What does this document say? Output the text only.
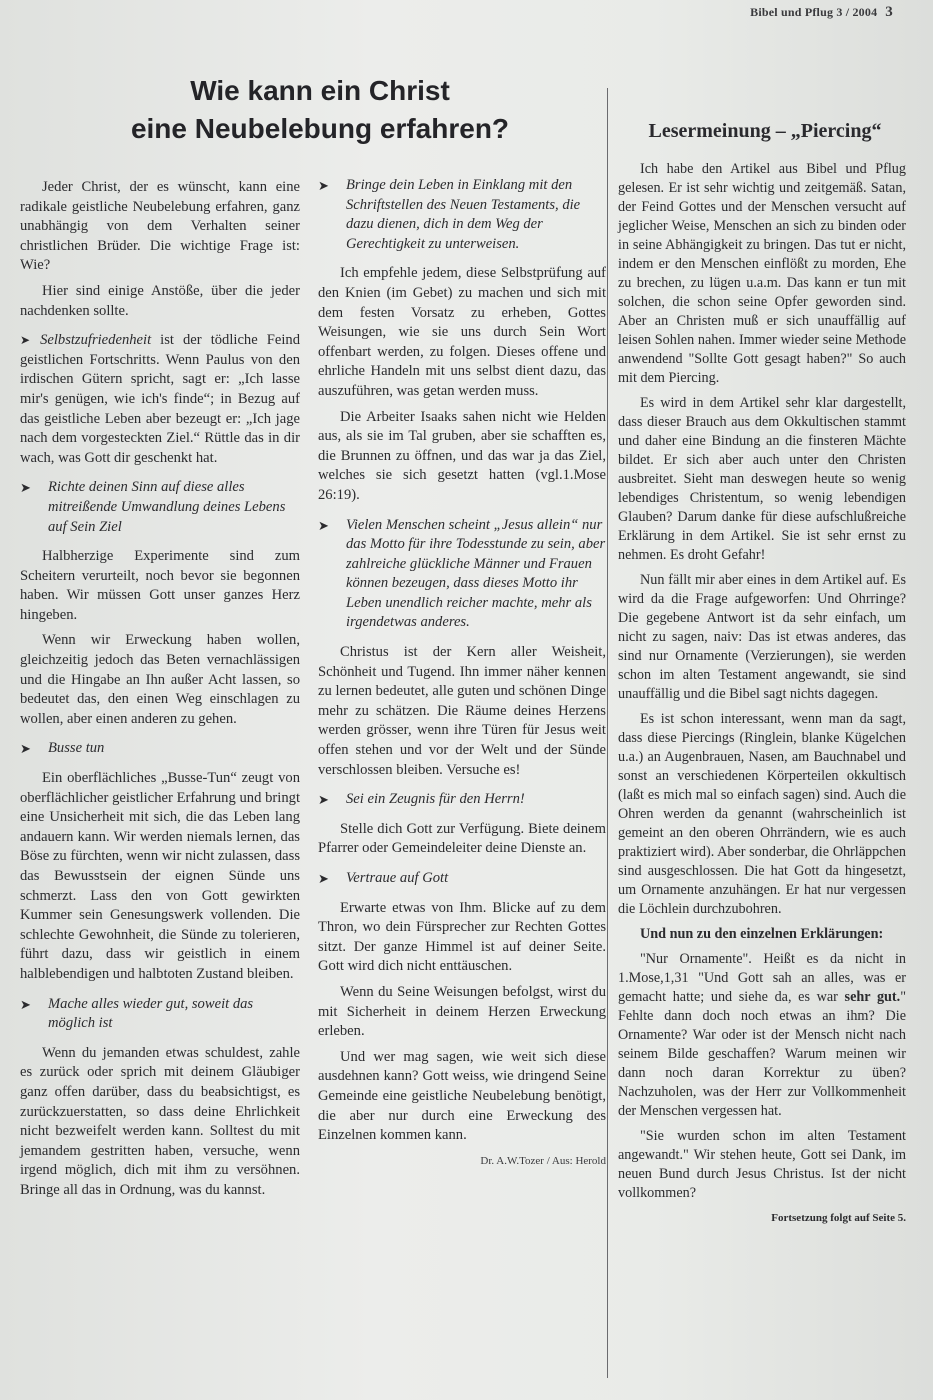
Bibel und Pflug 3 / 2004 3
Wie kann ein Christ
eine Neubelebung erfahren?

Jeder Christ, der es wünscht, kann eine radikale geistliche Neubelebung erfahren, ganz unabhängig von dem Verhalten seiner christlichen Brüder. Die wichtige Frage ist: Wie?

Hier sind einige Anstöße, über die jeder nachdenken sollte.

➤ Selbstzufriedenheit ist der tödliche Feind geistlichen Fortschritts. Wenn Paulus von den irdischen Gütern spricht, sagt er: „Ich lasse mir's genügen, wie ich's finde“; in Bezug auf das geistliche Leben aber bezeugt er: „Ich jage nach dem vorgesteckten Ziel.“ Rüttle das in dir wach, was Gott dir geschenkt hat.

➤ Richte deinen Sinn auf diese alles mitreißende Umwandlung deines Lebens auf Sein Ziel

Halbherzige Experimente sind zum Scheitern verurteilt, noch bevor sie begonnen haben. Wir müssen Gott unser ganzes Herz hingeben.

Wenn wir Erweckung haben wollen, gleichzeitig jedoch das Beten vernachlässigen und die Hingabe an Ihn außer Acht lassen, so bedeutet das, den einen Weg einschlagen zu wollen, aber einen anderen zu gehen.

➤ Busse tun

Ein oberflächliches „Busse-Tun“ zeugt von oberflächlicher geistlicher Erfahrung und bringt eine Unsicherheit mit sich, die das Leben lang andauern kann. Wir werden niemals lernen, das Böse zu fürchten, wenn wir nicht zulassen, dass das Bewusstsein der eignen Sünde uns schmerzt. Lass den von Gott gewirkten Kummer sein Genesungswerk vollenden. Die schlechte Gewohnheit, die Sünde zu tolerieren, führt dazu, dass wir geistlich in einem halblebendigen und halbtoten Zustand bleiben.

➤ Mache alles wieder gut, soweit das möglich ist

Wenn du jemanden etwas schuldest, zahle es zurück oder sprich mit deinem Gläubiger ganz offen darüber, dass du beabsichtigst, es zurückzuerstatten, so dass deine Ehrlichkeit nicht bezweifelt werden kann. Solltest du mit jemandem gestritten haben, versuche, wenn irgend möglich, dich mit ihm zu versöhnen. Bringe all das in Ordnung, was du kannst.

➤ Bringe dein Leben in Einklang mit den Schriftstellen des Neuen Testaments, die dazu dienen, dich in dem Weg der Gerechtigkeit zu unterweisen.

Ich empfehle jedem, diese Selbstprüfung auf den Knien (im Gebet) zu machen und sich mit dem festen Vorsatz zu erheben, Gottes Weisungen, wie sie uns durch Sein Wort offenbart werden, zu folgen. Dieses offene und ehrliche Handeln mit uns selbst dient dazu, das auszuführen, was getan werden muss.

Die Arbeiter Isaaks sahen nicht wie Helden aus, als sie im Tal gruben, aber sie schafften es, die Brunnen zu öffnen, und das war ja das Ziel, welches sie sich gesetzt hatten (vgl.1.Mose 26:19).

➤ Vielen Menschen scheint „Jesus allein“ nur das Motto für ihre Todesstunde zu sein, aber zahlreiche glückliche Männer und Frauen können bezeugen, dass dieses Motto ihr Leben unendlich reicher machte, mehr als irgendetwas anderes.

Christus ist der Kern aller Weisheit, Schönheit und Tugend. Ihn immer näher kennen zu lernen bedeutet, alle guten und schönen Dinge mehr zu schätzen. Die Räume deines Herzens werden grösser, wenn ihre Türen für Jesus weit offen stehen und vor der Welt und der Sünde verschlossen bleiben. Versuche es!

➤ Sei ein Zeugnis für den Herrn!

Stelle dich Gott zur Verfügung. Biete deinem Pfarrer oder Gemeindeleiter deine Dienste an.

➤ Vertraue auf Gott

Erwarte etwas von Ihm. Blicke auf zu dem Thron, wo dein Fürsprecher zur Rechten Gottes sitzt. Der ganze Himmel ist auf deiner Seite. Gott wird dich nicht enttäuschen.

Wenn du Seine Weisungen befolgst, wirst du mit Sicherheit in deinem Herzen Erweckung erleben.

Und wer mag sagen, wie weit sich diese ausdehnen kann? Gott weiss, wie dringend Seine Gemeinde eine geistliche Neubelebung benötigt, die aber nur durch eine Erweckung des Einzelnen kommen kann.

Dr. A.W.Tozer / Aus: Herold

Lesermeinung – „Piercing“

Ich habe den Artikel aus Bibel und Pflug gelesen. Er ist sehr wichtig und zeitgemäß. Satan, der Feind Gottes und der Menschen versucht auf jeglicher Weise, Menschen an sich zu binden oder in seine Abhängigkeit zu bringen. Das tut er nicht, indem er den Menschen einflößt zu morden, Ehe zu brechen, zu lügen u.a.m. Das kann er tun mit solchen, die schon seine Opfer geworden sind. Aber an Christen muß er sich unauffällig auf leisen Sohlen nahen. Immer wieder seine Methode anwendend "Sollte Gott gesagt haben?" So auch mit dem Piercing.

Es wird in dem Artikel sehr klar dargestellt, dass dieser Brauch aus dem Okkultischen stammt und daher eine Bindung an die finsteren Mächte bildet. Er sich aber auch unter den Christen ausbreitet. Sieht man deswegen heute so wenig lebendiges Christentum, so wenig lebendigen Glauben? Darum danke für diese aufschlußreiche Erklärung in dem Artikel. Sie ist sehr ernst zu nehmen. Es droht Gefahr!

Nun fällt mir aber eines in dem Artikel auf. Es wird da die Frage aufgeworfen: Und Ohrringe? Die gegebene Antwort ist da sehr einfach, um nicht zu sagen, naiv: Das ist etwas anderes, das sind nur Ornamente (Verzierungen), sie werden schon im alten Testament angewandt, sie sind unauffällig und die Bibel sagt nichts dagegen.

Es ist schon interessant, wenn man da sagt, dass diese Piercings (Ringlein, blanke Kügelchen u.a.) an Augenbrauen, Nasen, am Bauchnabel und sonst an verschiedenen Körperteilen okkultisch (laßt es mich mal so einfach sagen) sind. Auch die Ohren werden da genannt (wahrscheinlich ist gemeint an den oberen Ohrrändern, wie es auch praktiziert wird). Aber sonderbar, die Ohrläppchen sind ausgeschlossen. Die hat Gott da hingesetzt, um Ornamente anzuhängen. Er hat nur vergessen die Löchlein durchzubohren.

Und nun zu den einzelnen Erklärungen:

"Nur Ornamente". Heißt es da nicht in 1.Mose,1,31 "Und Gott sah an alles, was er gemacht hatte; und siehe da, es war sehr gut." Fehlte dann doch noch etwas an ihm? Die Ornamente? War oder ist der Mensch nicht nach seinem Bilde geschaffen? Warum meinen wir dann noch daran Korrektur zu üben? Nachzuholen, was der Herr zur Vollkommenheit der Menschen vergessen hat.

"Sie wurden schon im alten Testament angewandt." Wir stehen heute, Gott sei Dank, im neuen Bund durch Jesus Christus. Ist der nicht vollkommen?

Fortsetzung folgt auf Seite 5.
